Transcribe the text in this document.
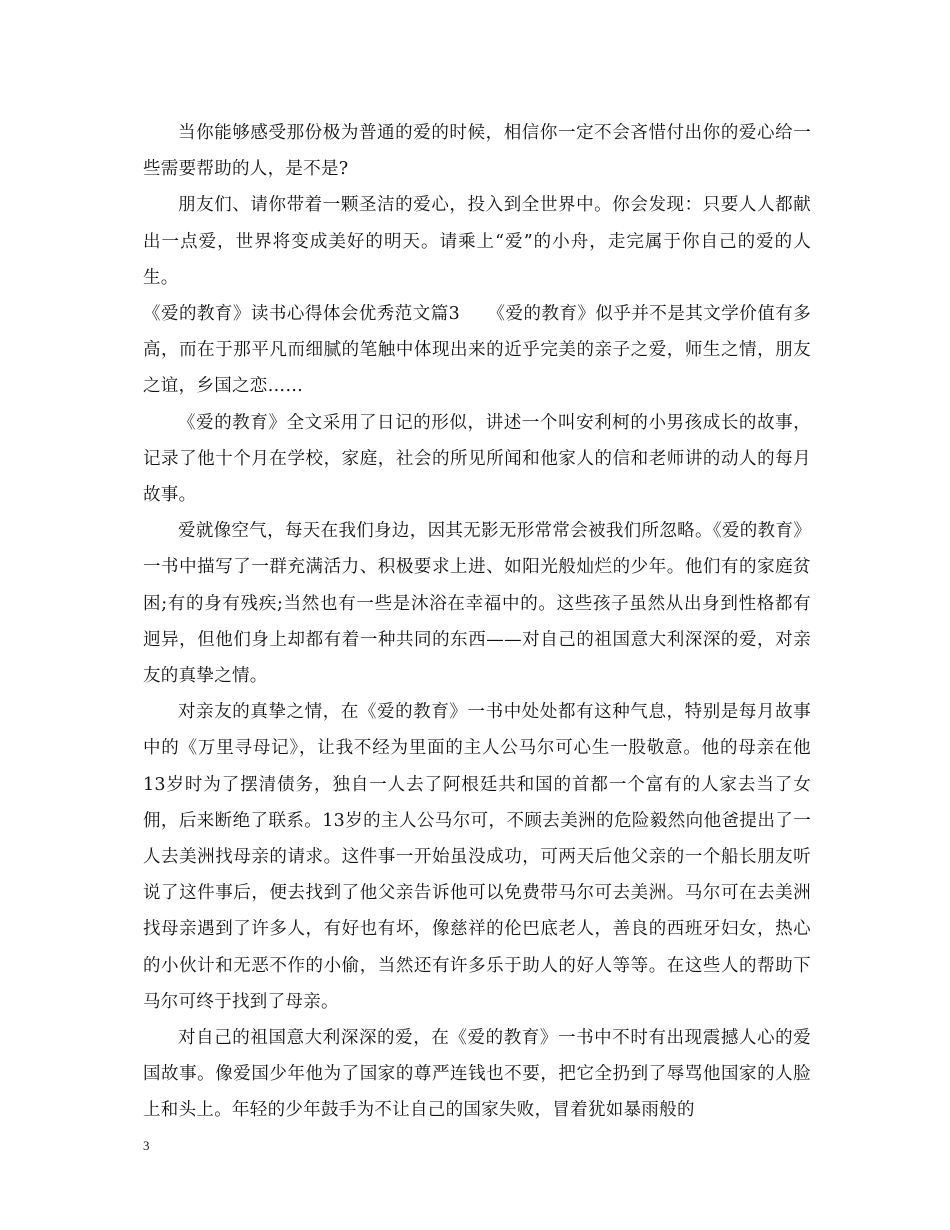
当你能够感受那份极为普通的爱的时候，相信你一定不会吝惜付出你的爱心给一些需要帮助的人，是不是?

朋友们、请你带着一颗圣洁的爱心，投入到全世界中。你会发现：只要人人都献出一点爱，世界将变成美好的明天。请乘上“爱”的小舟，走完属于你自己的爱的人生。

《爱的教育》读书心得体会优秀范文篇3　　《爱的教育》似乎并不是其文学价值有多高，而在于那平凡而细腻的笔触中体现出来的近乎完美的亲子之爱，师生之情，朋友之谊，乡国之恋……

《爱的教育》全文采用了日记的形似，讲述一个叫安利柯的小男孩成长的故事，记录了他十个月在学校，家庭，社会的所见所闻和他家人的信和老师讲的动人的每月故事。

爱就像空气，每天在我们身边，因其无影无形常常会被我们所忽略。《爱的教育》一书中描写了一群充满活力、积极要求上进、如阳光般灿烂的少年。他们有的家庭贫困;有的身有残疾;当然也有一些是沐浴在幸福中的。这些孩子虽然从出身到性格都有迥异，但他们身上却都有着一种共同的东西——对自己的祖国意大利深深的爱，对亲友的真挚之情。

对亲友的真挚之情，在《爱的教育》一书中处处都有这种气息，特别是每月故事中的《万里寻母记》，让我不经为里面的主人公马尔可心生一股敬意。他的母亲在他13岁时为了摆清债务，独自一人去了阿根廷共和国的首都一个富有的人家去当了女佣，后来断绝了联系。13岁的主人公马尔可，不顾去美洲的危险毅然向他爸提出了一人去美洲找母亲的请求。这件事一开始虽没成功，可两天后他父亲的一个船长朋友听说了这件事后，便去找到了他父亲告诉他可以免费带马尔可去美洲。马尔可在去美洲找母亲遇到了许多人，有好也有坏，像慈祥的伦巴底老人，善良的西班牙妇女，热心的小伙计和无恶不作的小偷，当然还有许多乐于助人的好人等等。在这些人的帮助下马尔可终于找到了母亲。

对自己的祖国意大利深深的爱，在《爱的教育》一书中不时有出现震撼人心的爱国故事。像爱国少年他为了国家的尊严连钱也不要，把它全扔到了辱骂他国家的人脸上和头上。年轻的少年鼓手为不让自己的国家失败，冒着犹如暴雨般的

3
